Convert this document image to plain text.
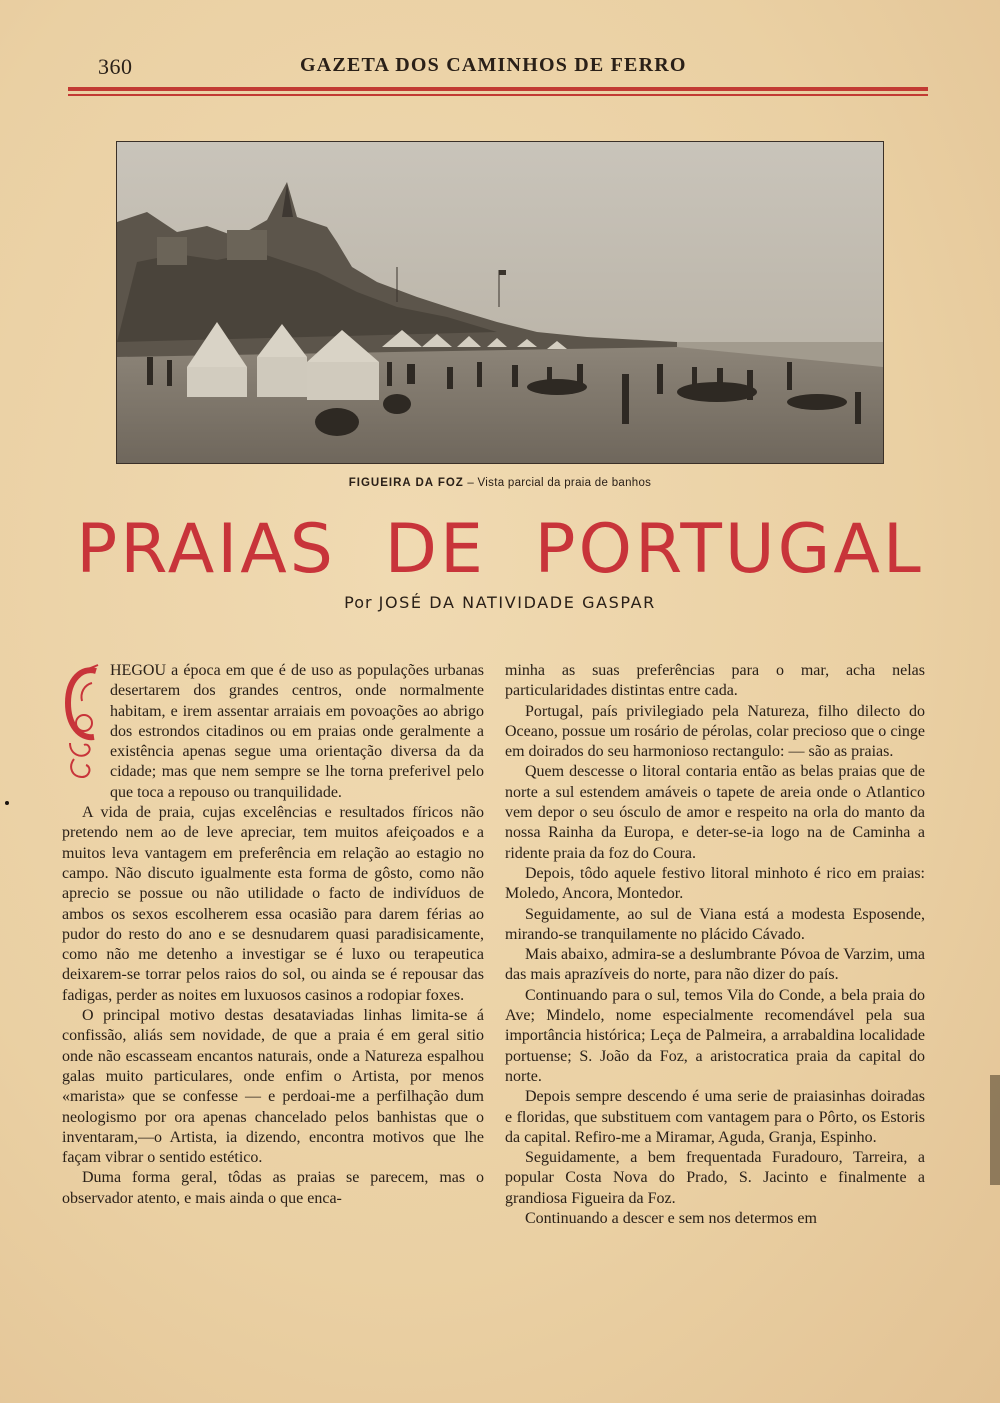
360	GAZETA DOS CAMINHOS DE FERRO
FIGUEIRA DA FOZ – Vista parcial da praia de banhos
PRAIAS DE PORTUGAL
Por JOSÉ DA NATIVIDADE GASPAR

HEGOU a época em que é de uso as populações urbanas desertarem dos grandes centros, onde normalmente habitam, e irem assentar arraiais em povoações ao abrigo dos estrondos citadinos ou em praias onde geralmente a existência apenas segue uma orientação diversa da da cidade; mas que nem sempre se lhe torna preferivel pelo que toca a repouso ou tranquilidade.

A vida de praia, cujas excelências e resultados fíricos não pretendo nem ao de leve apreciar, tem muitos afeiçoados e a muitos leva vantagem em preferência em relação ao estagio no campo. Não discuto igualmente esta forma de gôsto, como não aprecio se possue ou não utilidade o facto de indivíduos de ambos os sexos escolherem essa ocasião para darem férias ao pudor do resto do ano e se desnudarem quasi paradisicamente, como não me detenho a investigar se é luxo ou terapeutica deixarem-se torrar pelos raios do sol, ou ainda se é repousar das fadigas, perder as noites em luxuosos casinos a rodopiar foxes.

O principal motivo destas desataviadas linhas limita-se á confissão, aliás sem novidade, de que a praia é em geral sitio onde não escasseam encantos naturais, onde a Natureza espalhou galas muito particulares, onde enfim o Artista, por menos «marista» que se confesse — e perdoai-me a perfilhação dum neologismo por ora apenas chancelado pelos banhistas que o inventaram,—o Artista, ia dizendo, encontra motivos que lhe façam vibrar o sentido estético.

Duma forma geral, tôdas as praias se parecem, mas o observador atento, e mais ainda o que enca-

minha as suas preferências para o mar, acha nelas particularidades distintas entre cada.

Portugal, país privilegiado pela Natureza, filho dilecto do Oceano, possue um rosário de pérolas, colar precioso que o cinge em doirados do seu harmonioso rectangulo: — são as praias.

Quem descesse o litoral contaria então as belas praias que de norte a sul estendem amáveis o tapete de areia onde o Atlantico vem depor o seu ósculo de amor e respeito na orla do manto da nossa Rainha da Europa, e deter-se-ia logo na de Caminha a ridente praia da foz do Coura.

Depois, tôdo aquele festivo litoral minhoto é rico em praias: Moledo, Ancora, Montedor.

Seguidamente, ao sul de Viana está a modesta Esposende, mirando-se tranquilamente no plácido Cávado.

Mais abaixo, admira-se a deslumbrante Póvoa de Varzim, uma das mais aprazíveis do norte, para não dizer do país.

Continuando para o sul, temos Vila do Conde, a bela praia do Ave; Mindelo, nome especialmente recomendável pela sua importância histórica; Leça de Palmeira, a arrabaldina localidade portuense; S. João da Foz, a aristocratica praia da capital do norte.

Depois sempre descendo é uma serie de praiasinhas doiradas e floridas, que substituem com vantagem para o Pôrto, os Estoris da capital. Refiro-me a Miramar, Aguda, Granja, Espinho.

Seguidamente, a bem frequentada Furadouro, Tarreira, a popular Costa Nova do Prado, S. Jacinto e finalmente a grandiosa Figueira da Foz.

Continuando a descer e sem nos determos em
